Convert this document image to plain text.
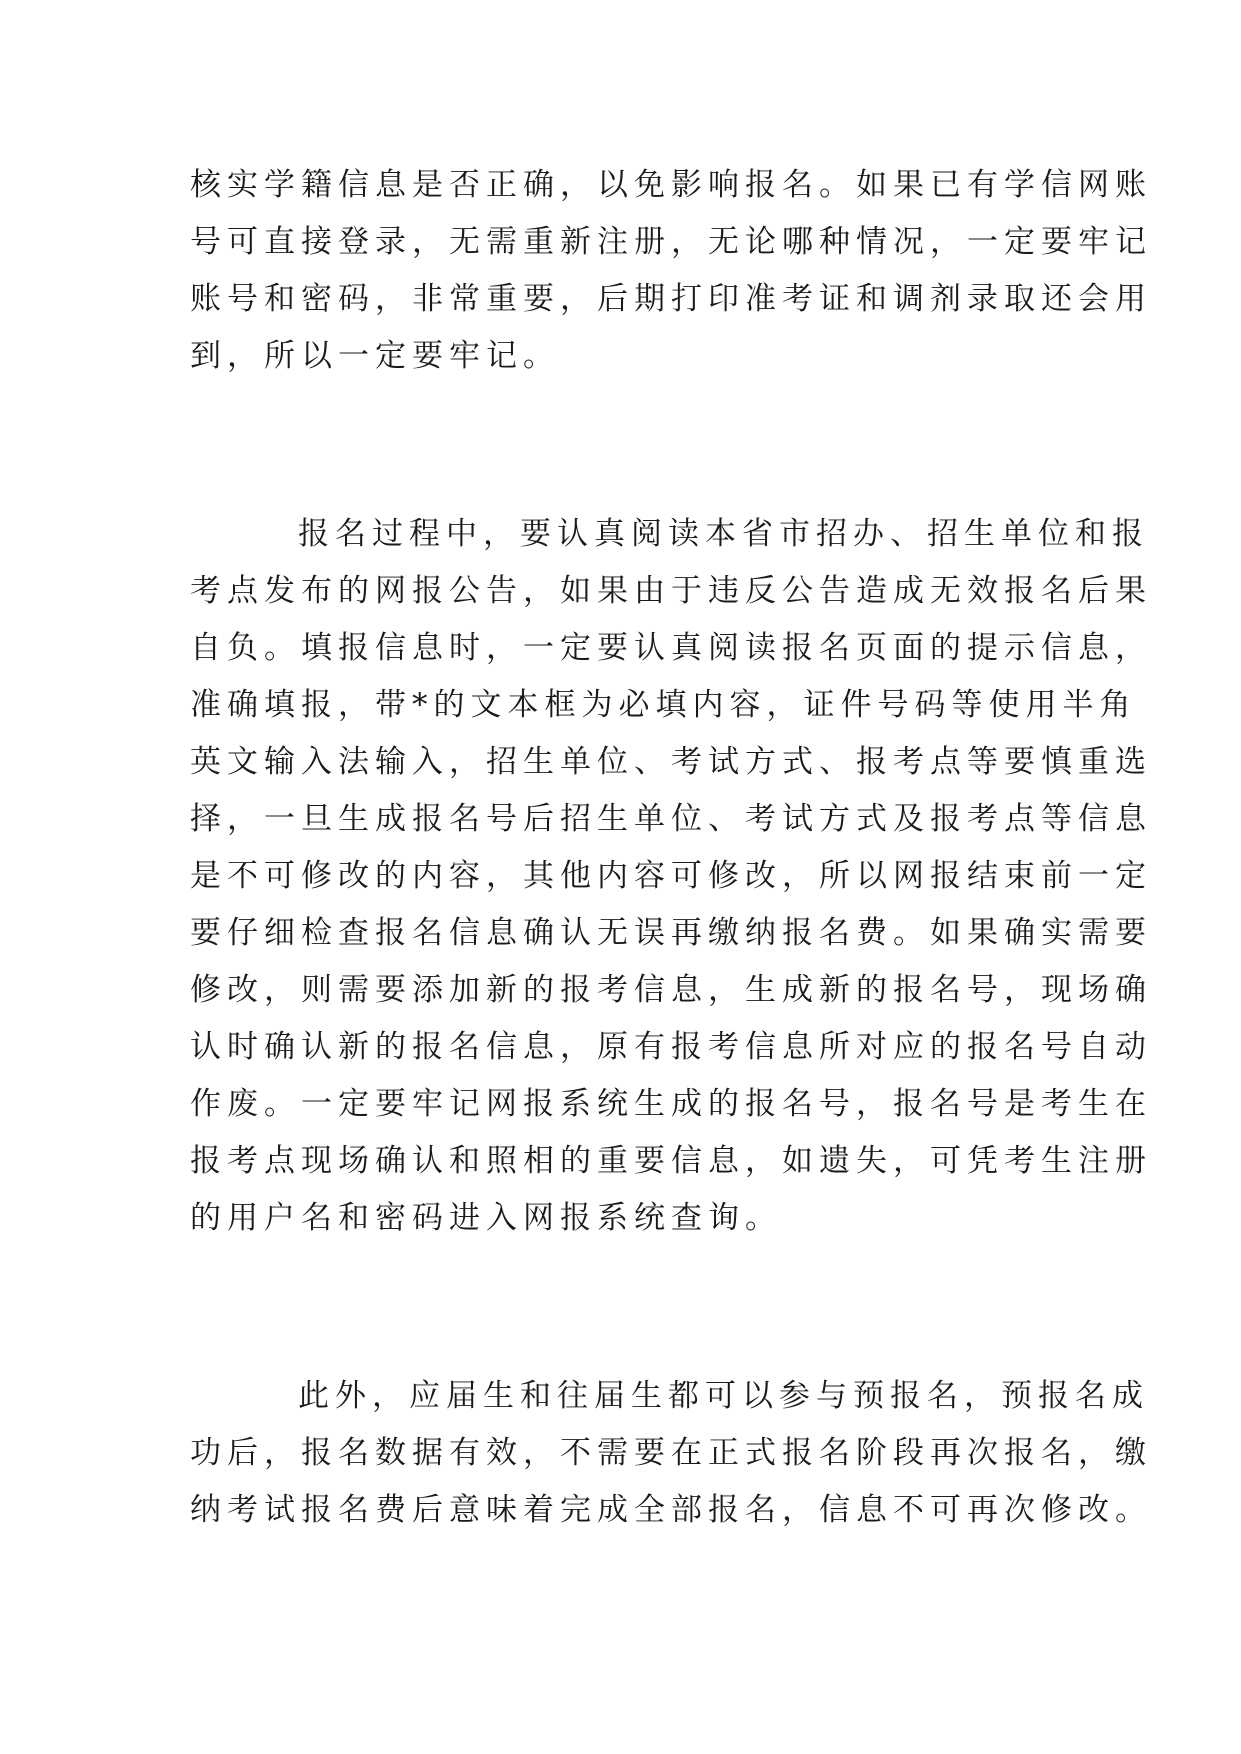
核实学籍信息是否正确，以免影响报名。如果已有学信网账
号可直接登录，无需重新注册，无论哪种情况，一定要牢记
账号和密码，非常重要，后期打印准考证和调剂录取还会用
到，所以一定要牢记。
报名过程中，要认真阅读本省市招办、招生单位和报
考点发布的网报公告，如果由于违反公告造成无效报名后果
自负。填报信息时，一定要认真阅读报名页面的提示信息，
准确填报，带*的文本框为必填内容，证件号码等使用半角
英文输入法输入，招生单位、考试方式、报考点等要慎重选
择，一旦生成报名号后招生单位、考试方式及报考点等信息
是不可修改的内容，其他内容可修改，所以网报结束前一定
要仔细检查报名信息确认无误再缴纳报名费。如果确实需要
修改，则需要添加新的报考信息，生成新的报名号，现场确
认时确认新的报名信息，原有报考信息所对应的报名号自动
作废。一定要牢记网报系统生成的报名号，报名号是考生在
报考点现场确认和照相的重要信息，如遗失，可凭考生注册
的用户名和密码进入网报系统查询。
此外，应届生和往届生都可以参与预报名，预报名成
功后，报名数据有效，不需要在正式报名阶段再次报名，缴
纳考试报名费后意味着完成全部报名，信息不可再次修改。
